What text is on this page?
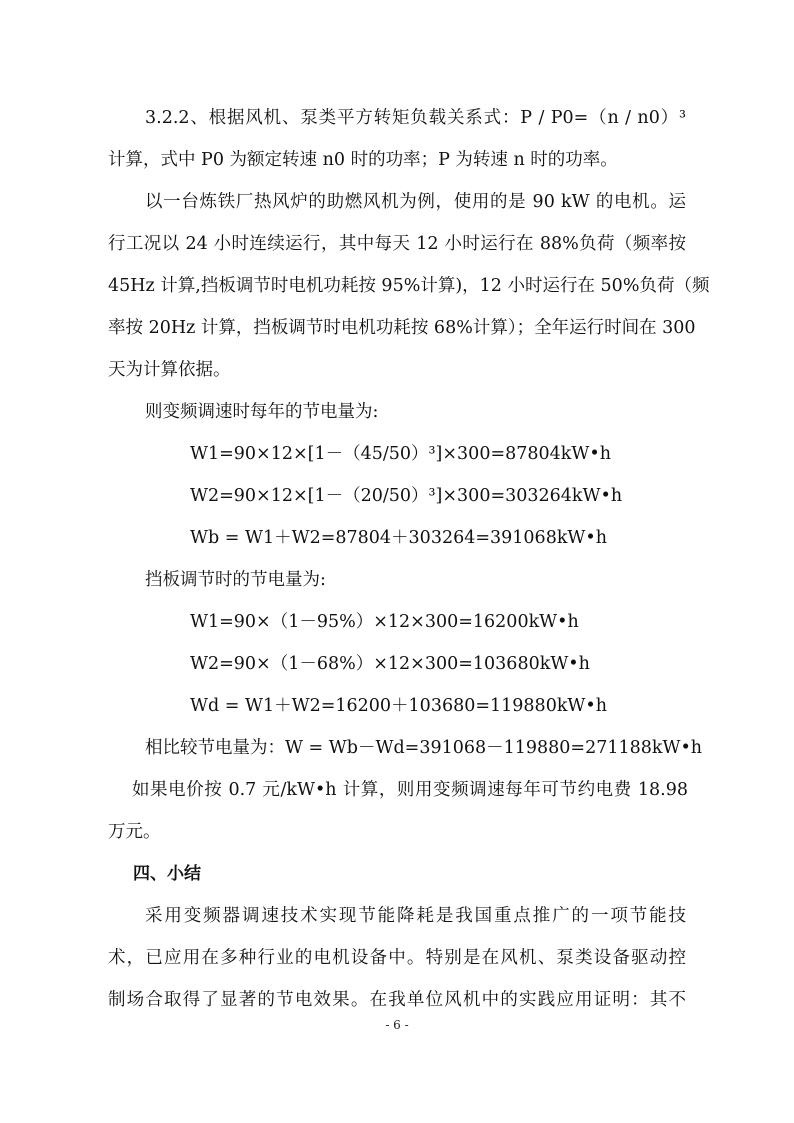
3.2.2、根据风机、泵类平方转矩负载关系式：P / P0=（n / n0）³
计算，式中 P0 为额定转速 n0 时的功率；P 为转速 n 时的功率。
以一台炼铁厂热风炉的助燃风机为例，使用的是 90 kW 的电机。运
行工况以 24 小时连续运行，其中每天 12 小时运行在 88%负荷（频率按
45Hz 计算,挡板调节时电机功耗按 95%计算)，12 小时运行在 50%负荷（频
率按 20Hz 计算，挡板调节时电机功耗按 68%计算）；全年运行时间在 300
天为计算依据。
则变频调速时每年的节电量为:
W1=90×12×[1－（45/50）³]×300=87804kW•h
W2=90×12×[1－（20/50）³]×300=303264kW•h
Wb = W1＋W2=87804＋303264=391068kW•h
挡板调节时的节电量为:
W1=90×（1－95%）×12×300=16200kW•h
W2=90×（1－68%）×12×300=103680kW•h
Wd = W1＋W2=16200＋103680=119880kW•h
相比较节电量为：W = Wb－Wd=391068－119880=271188kW•h
如果电价按 0.7 元/kW•h 计算，则用变频调速每年可节约电费 18.98
万元。
四、小结
采用变频器调速技术实现节能降耗是我国重点推广的一项节能技
术，已应用在多种行业的电机设备中。特别是在风机、泵类设备驱动控
制场合取得了显著的节电效果。在我单位风机中的实践应用证明：其不
- 6 -
